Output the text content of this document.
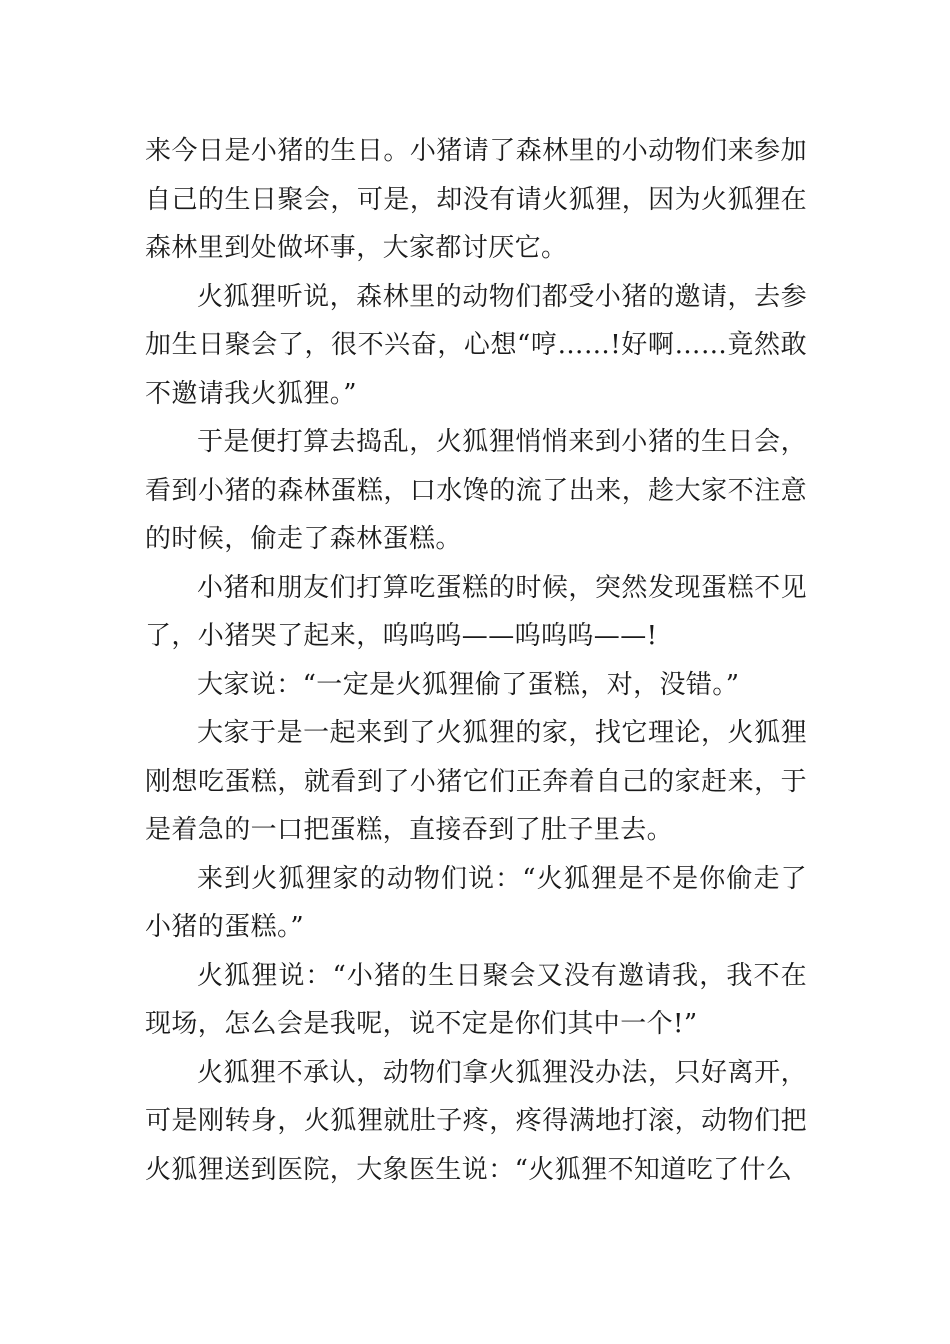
来今日是小猪的生日。小猪请了森林里的小动物们来参加自己的生日聚会，可是，却没有请火狐狸，因为火狐狸在森林里到处做坏事，大家都讨厌它。

火狐狸听说，森林里的动物们都受小猪的邀请，去参加生日聚会了，很不兴奋，心想“哼……!好啊……竟然敢不邀请我火狐狸。”

于是便打算去捣乱，火狐狸悄悄来到小猪的生日会，看到小猪的森林蛋糕，口水馋的流了出来，趁大家不注意的时候，偷走了森林蛋糕。

小猪和朋友们打算吃蛋糕的时候，突然发现蛋糕不见了，小猪哭了起来，呜呜呜——呜呜呜——!

大家说：“一定是火狐狸偷了蛋糕，对，没错。”

大家于是一起来到了火狐狸的家，找它理论，火狐狸刚想吃蛋糕，就看到了小猪它们正奔着自己的家赶来，于是着急的一口把蛋糕，直接吞到了肚子里去。

来到火狐狸家的动物们说：“火狐狸是不是你偷走了小猪的蛋糕。”

火狐狸说：“小猪的生日聚会又没有邀请我，我不在现场，怎么会是我呢，说不定是你们其中一个!”

火狐狸不承认，动物们拿火狐狸没办法，只好离开，可是刚转身，火狐狸就肚子疼，疼得满地打滚，动物们把火狐狸送到医院，大象医生说：“火狐狸不知道吃了什么
